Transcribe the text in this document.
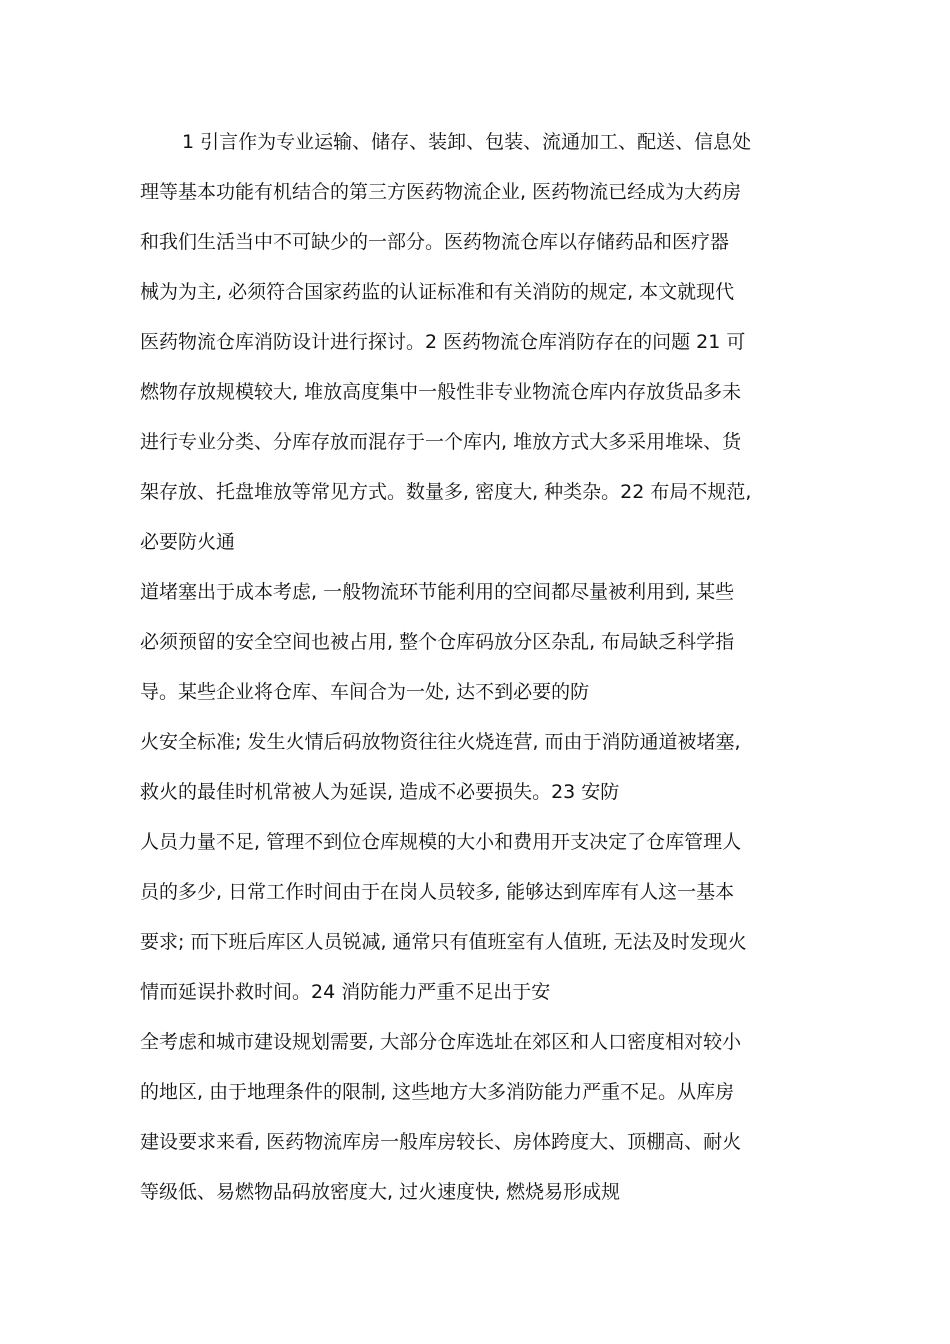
1 引言作为专业运输、储存、装卸、包装、流通加工、配送、信息处
理等基本功能有机结合的第三方医药物流企业, 医药物流已经成为大药房
和我们生活当中不可缺少的一部分。医药物流仓库以存储药品和医疗器
械为为主, 必须符合国家药监的认证标准和有关消防的规定, 本文就现代
医药物流仓库消防设计进行探讨。2 医药物流仓库消防存在的问题 21 可
燃物存放规模较大, 堆放高度集中一般性非专业物流仓库内存放货品多未
进行专业分类、分库存放而混存于一个库内, 堆放方式大多采用堆垛、货
架存放、托盘堆放等常见方式。数量多, 密度大, 种类杂。22 布局不规范,
必要防火通
道堵塞出于成本考虑, 一般物流环节能利用的空间都尽量被利用到, 某些
必须预留的安全空间也被占用, 整个仓库码放分区杂乱, 布局缺乏科学指
导。某些企业将仓库、车间合为一处, 达不到必要的防
火安全标准; 发生火情后码放物资往往火烧连营, 而由于消防通道被堵塞,
救火的最佳时机常被人为延误, 造成不必要损失。23 安防
人员力量不足, 管理不到位仓库规模的大小和费用开支决定了仓库管理人
员的多少, 日常工作时间由于在岗人员较多, 能够达到库库有人这一基本
要求; 而下班后库区人员锐减, 通常只有值班室有人值班, 无法及时发现火
情而延误扑救时间。24 消防能力严重不足出于安
全考虑和城市建设规划需要, 大部分仓库选址在郊区和人口密度相对较小
的地区, 由于地理条件的限制, 这些地方大多消防能力严重不足。从库房
建设要求来看, 医药物流库房一般库房较长、房体跨度大、顶棚高、耐火
等级低、易燃物品码放密度大, 过火速度快, 燃烧易形成规
